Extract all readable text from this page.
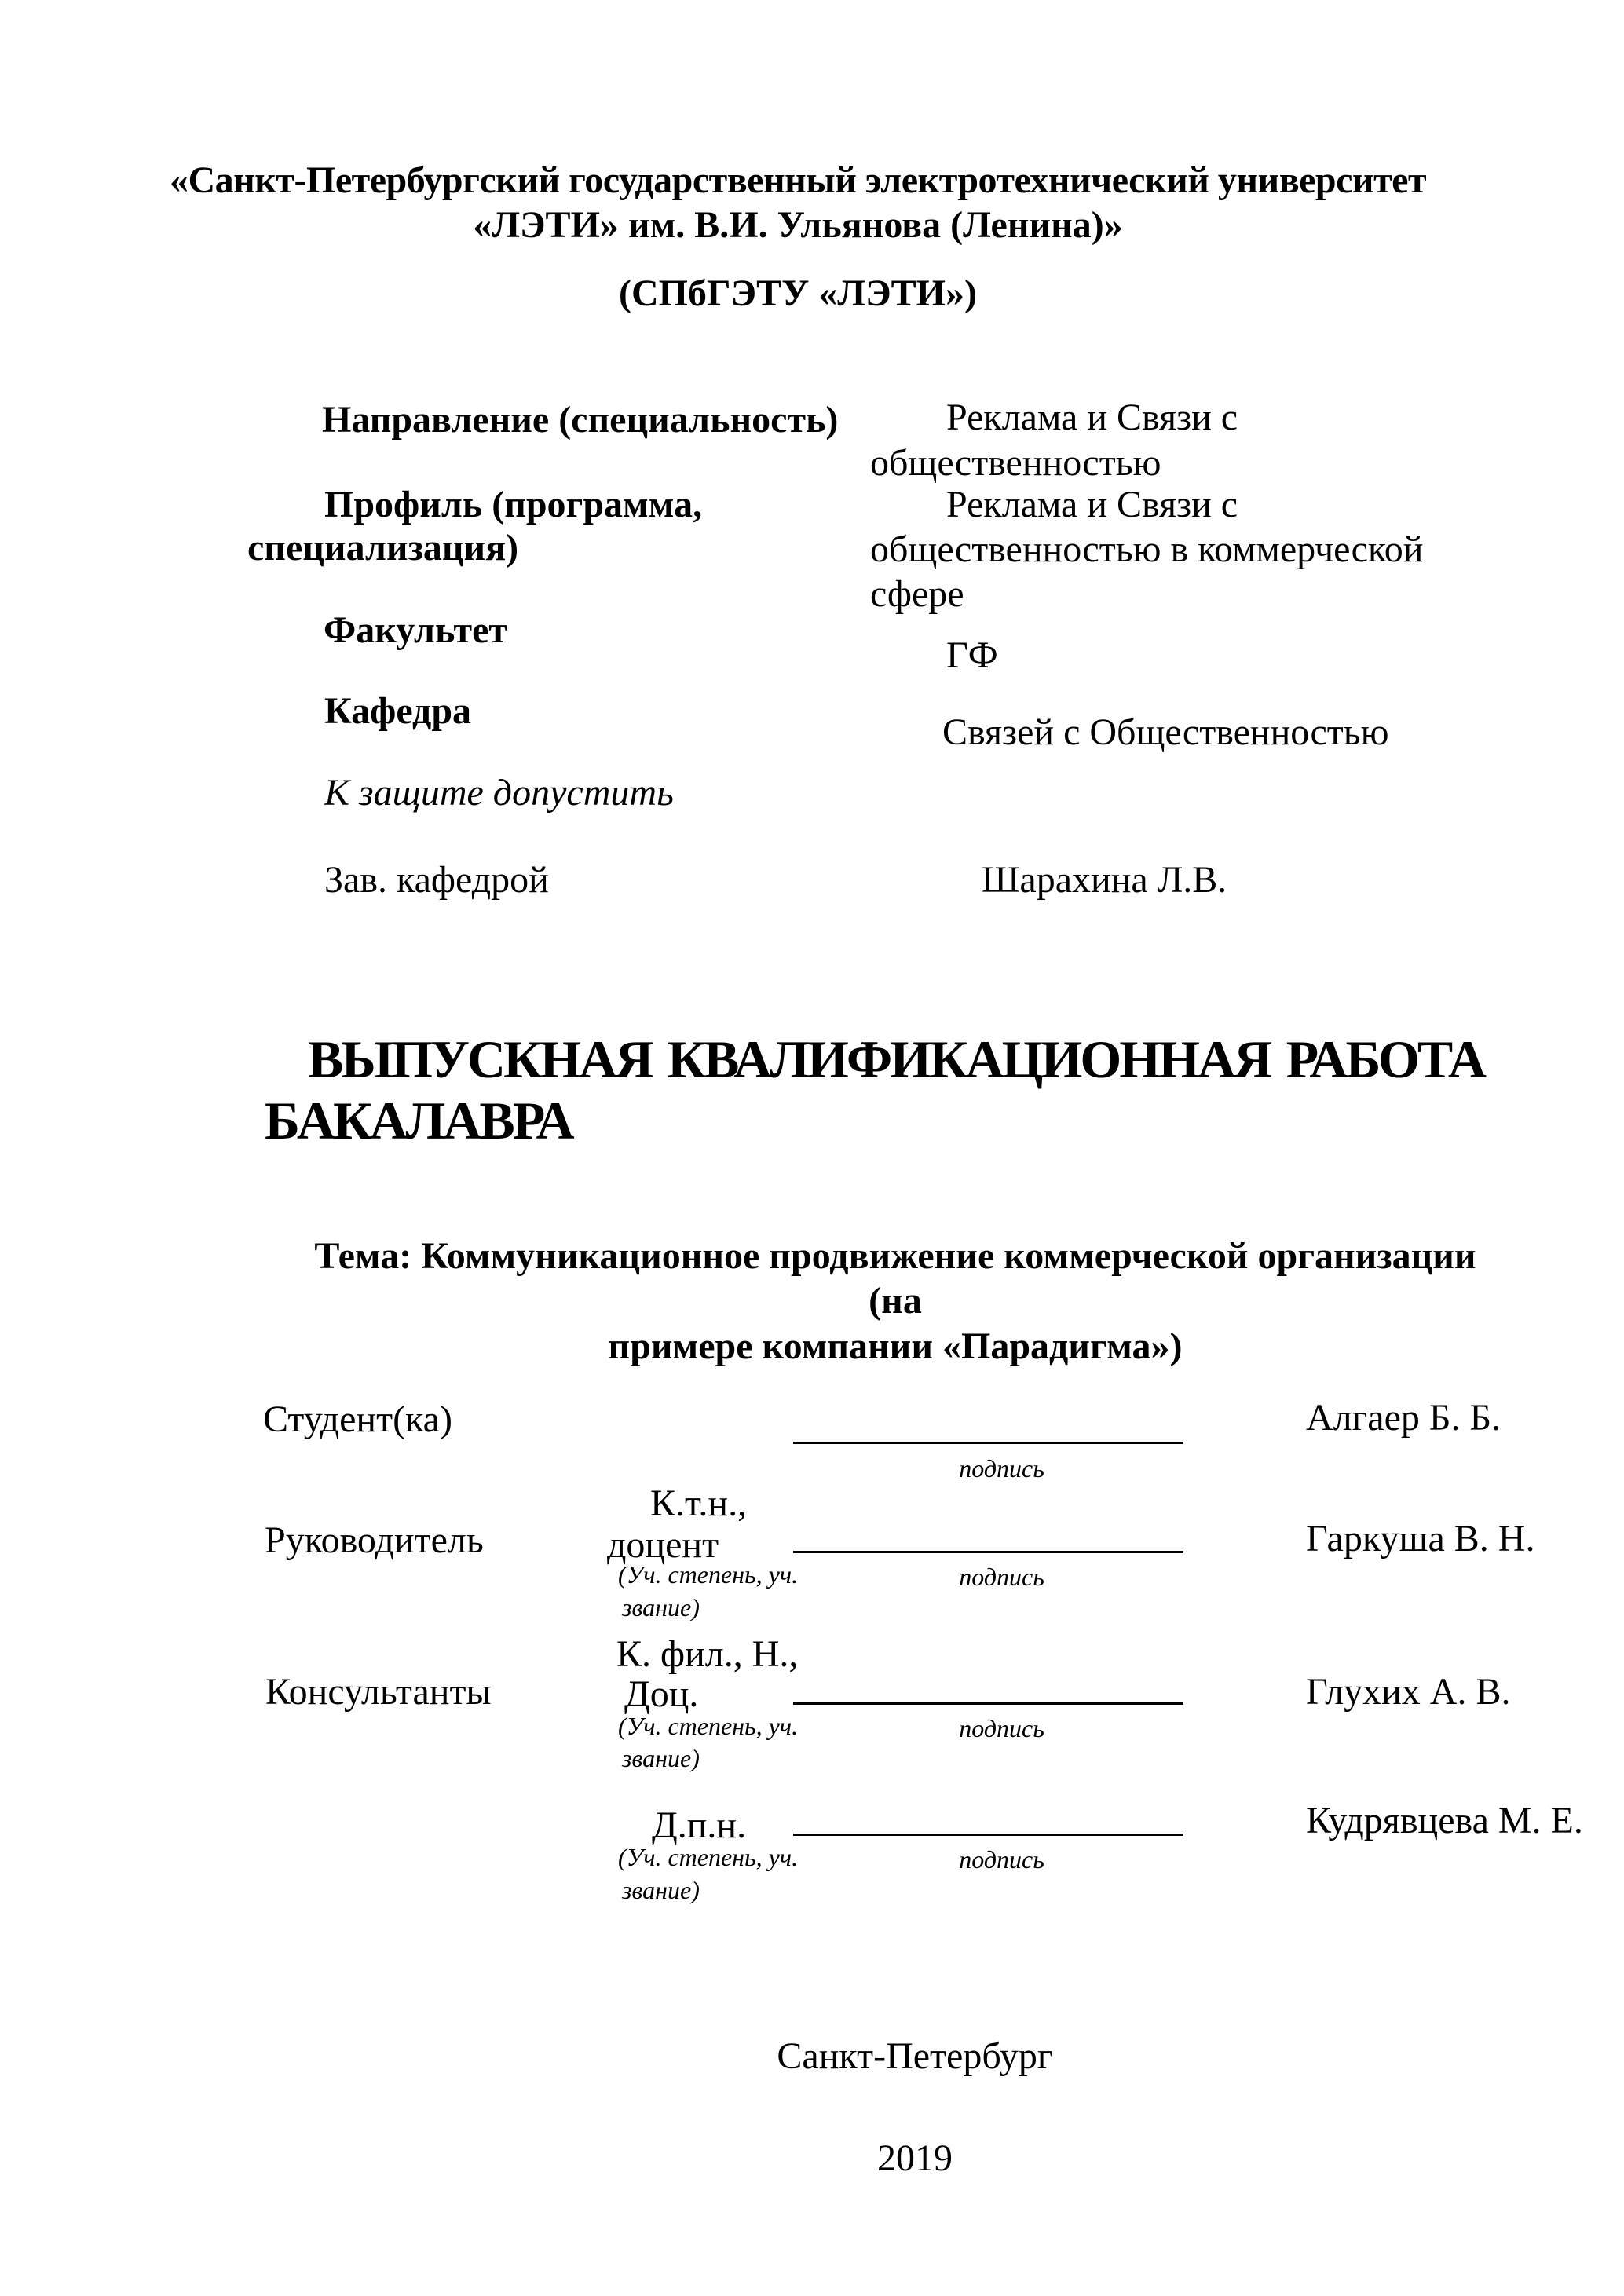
«Санкт-Петербургский государственный электротехнический университет
«ЛЭТИ» им. В.И. Ульянова (Ленина)»
(СПбГЭТУ «ЛЭТИ»)
Направление (специальность)	Реклама и Связи с
общественностью
Профиль (программа,
специализация)
Реклама и Связи с
общественностью в коммерческой
сфере
Факультет
ГФ
Кафедра
Связей с Общественностью
К защите допустить
Зав. кафедрой	Шарахина Л.В.
ВЫПУСКНАЯ КВАЛИФИКАЦИОННАЯ РАБОТА
БАКАЛАВРА
Тема: Коммуникационное продвижение коммерческой организации
(на
примере компании «Парадигма»)
Студент(ка)
подпись
Алгаер Б. Б.
Руководитель
К.т.н.,
доцент
(Уч. степень, уч.
звание)
подпись
Гаркуша В. Н.
Консультанты
К. фил., Н.,
Доц.
(Уч. степень, уч.
звание)
подпись
Глухих А. В.
Д.п.н.
(Уч. степень, уч.
звание)
подпись
Кудрявцева М. Е.
Санкт-Петербург
2019
